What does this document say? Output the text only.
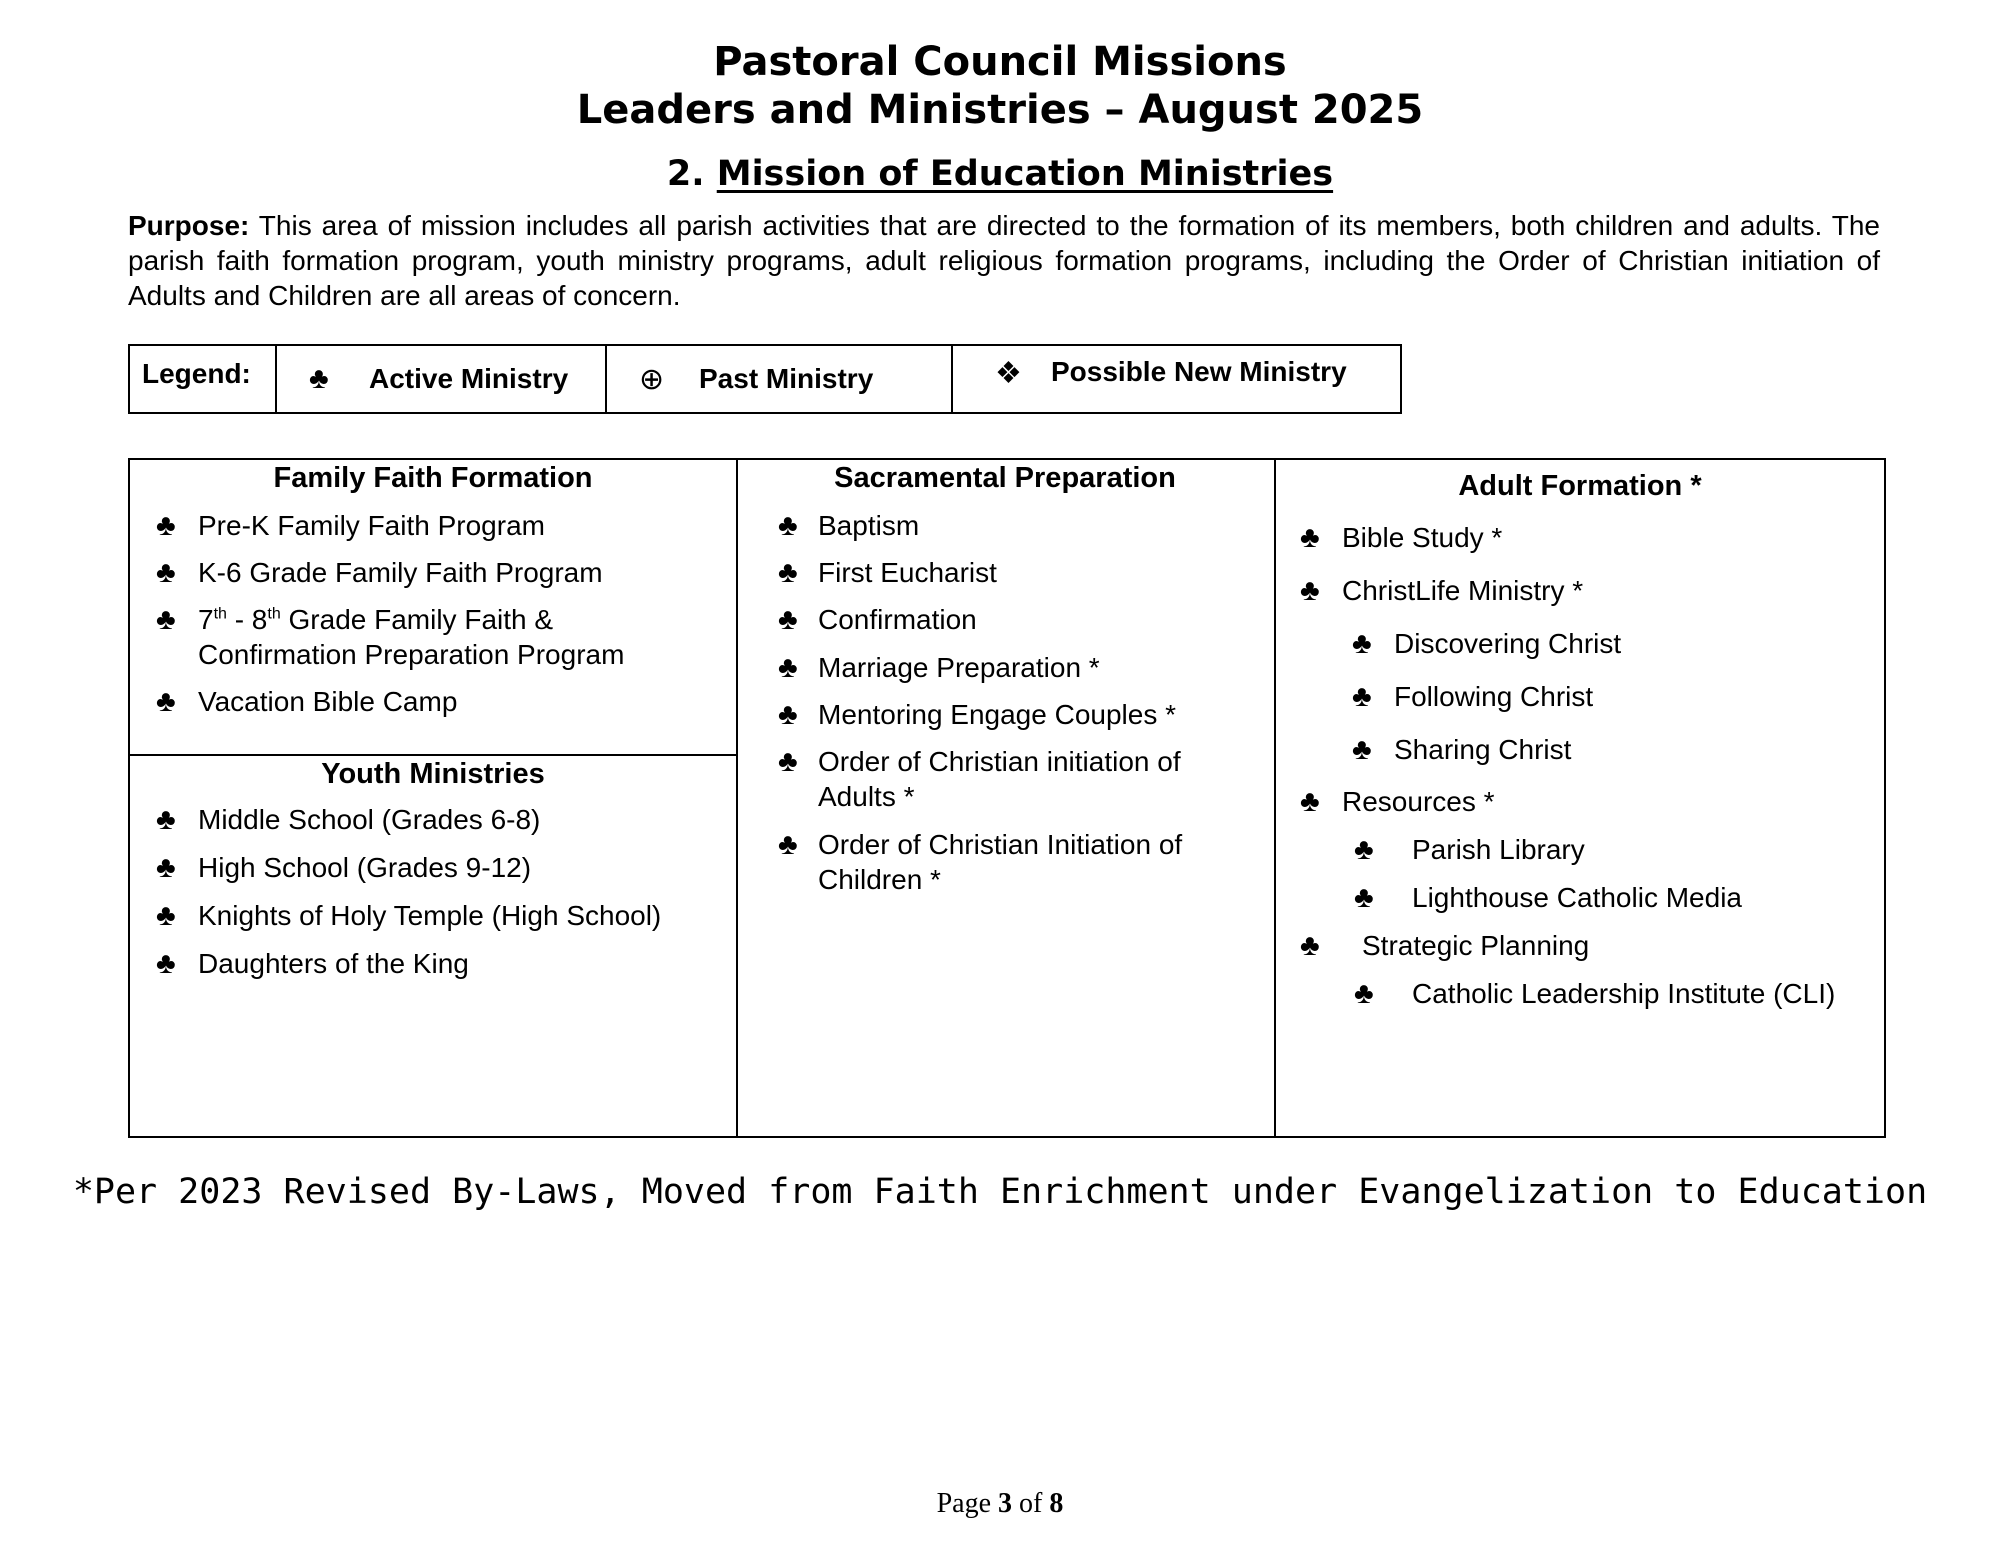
Pastoral Council Missions
Leaders and Ministries – August 2025
2. Mission of Education Ministries
Purpose: This area of mission includes all parish activities that are directed to the formation of its members, both children and adults. The parish faith formation program, youth ministry programs, adult religious formation programs, including the Order of Christian initiation of Adults and Children are all areas of concern.
Legend:	♣	Active Ministry ⊕	Past Ministry	❖	Possible New Ministry
Family Faith Formation
♣ Pre-K Family Faith Program
♣ K-6 Grade Family Faith Program
♣ 7th - 8th Grade Family Faith &
Confirmation Preparation Program
♣ Vacation Bible Camp
Youth Ministries
♣ Middle School (Grades 6-8)
♣ High School (Grades 9-12)
♣ Knights of Holy Temple (High School)
♣ Daughters of the King
Sacramental Preparation
♣ Baptism
♣ First Eucharist
♣ Confirmation
♣ Marriage Preparation *
♣ Mentoring Engage Couples *
♣ Order of Christian initiation of Adults *
♣ Order of Christian Initiation of Children *
Adult Formation *
♣ Bible Study *
♣ ChristLife Ministry *
♣ Discovering Christ
♣ Following Christ
♣ Sharing Christ
♣ Resources *
♣	Parish Library
♣	Lighthouse Catholic Media
♣	Strategic Planning
♣	Catholic Leadership Institute (CLI)
*Per 2023 Revised By-Laws, Moved from Faith Enrichment under Evangelization to Education
Page 3 of 8
